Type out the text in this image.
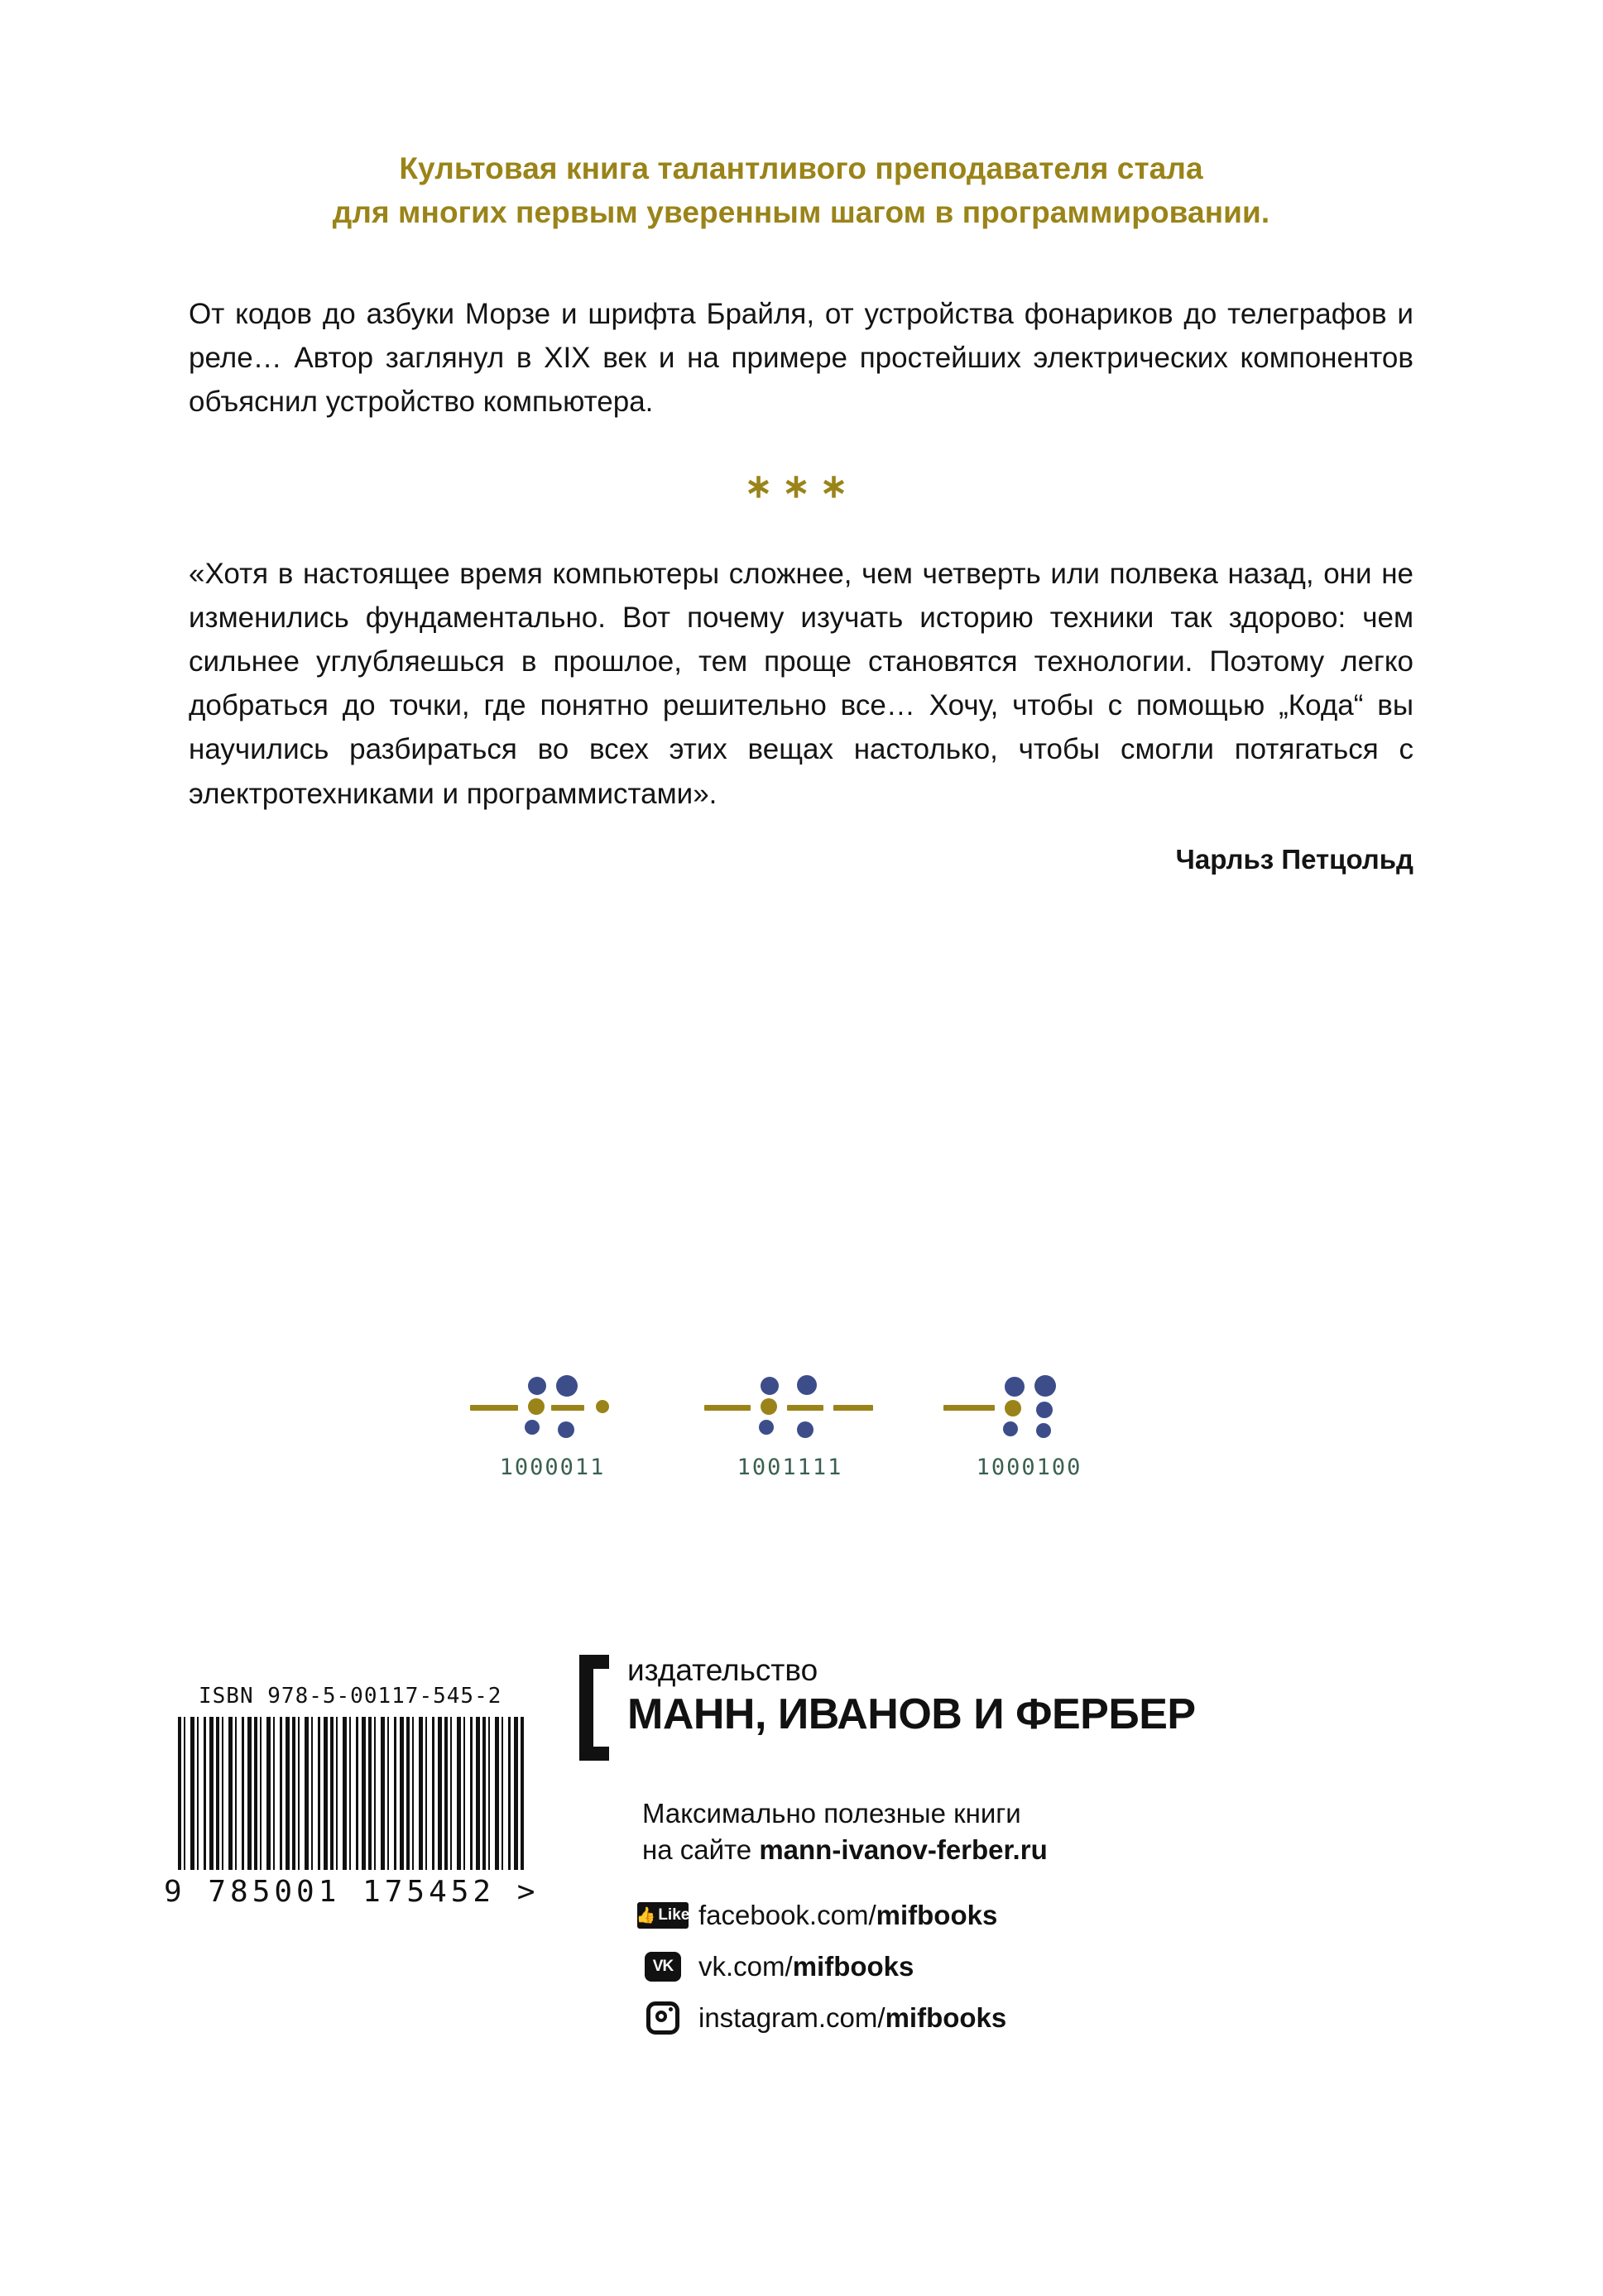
Культовая книга талантливого преподавателя стала
для многих первым уверенным шагом в программировании.

От кодов до азбуки Морзе и шрифта Брайля, от устройства фонариков до телеграфов и реле… Автор заглянул в XIX век и на примере простейших электрических компонентов объяснил устройство компьютера.

∗∗∗

«Хотя в настоящее время компьютеры сложнее, чем четверть или полвека назад, они не изменились фундаментально. Вот почему изучать историю техники так здорово: чем сильнее углубляешься в прошлое, тем проще становятся технологии. Поэтому легко добраться до точки, где понятно решительно все… Хочу, чтобы с помощью „Кода“ вы научились разбираться во всех этих вещах настолько, чтобы смогли потягаться с электротехниками и программистами».

Чарльз Петцольд
1000011	1001111	1000100
ISBN 978-5-00117-545-2
9 785001 175452 >
издательство
МАНН, ИВАНОВ И ФЕРБЕР
Максимально полезные книги
на сайте mann-ivanov-ferber.ru
👍 Like facebook.com/mifbooks
VK vk.com/mifbooks
instagram.com/mifbooks
